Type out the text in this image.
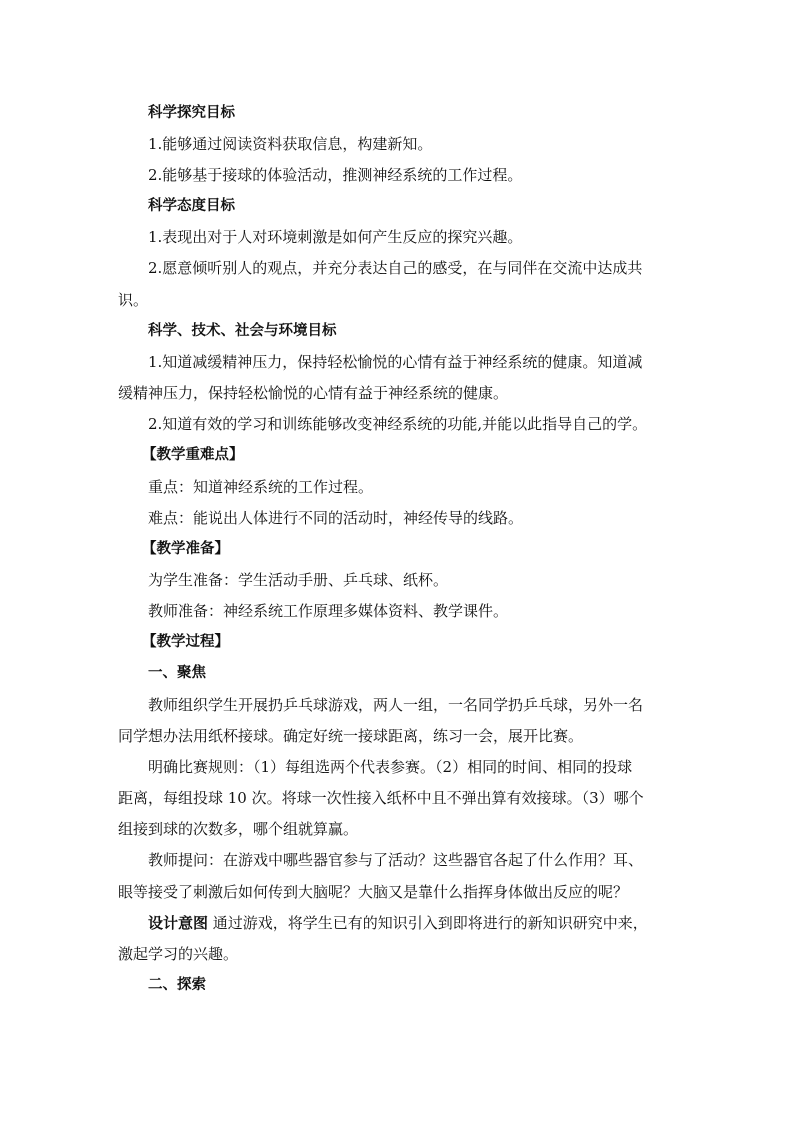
科学探究目标
1.能够通过阅读资料获取信息，构建新知。
2.能够基于接球的体验活动，推测神经系统的工作过程。
科学态度目标
1.表现出对于人对环境刺激是如何产生反应的探究兴趣。
2.愿意倾听别人的观点，并充分表达自己的感受，在与同伴在交流中达成共
识。
科学、技术、社会与环境目标
1.知道减缓精神压力，保持轻松愉悦的心情有益于神经系统的健康。知道减
缓精神压力，保持轻松愉悦的心情有益于神经系统的健康。
2.知道有效的学习和训练能够改变神经系统的功能,并能以此指导自己的学。
【教学重难点】
重点：知道神经系统的工作过程。
难点：能说出人体进行不同的活动时，神经传导的线路。
【教学准备】
为学生准备：学生活动手册、乒乓球、纸杯。
教师准备：神经系统工作原理多媒体资料、教学课件。
【教学过程】
一、聚焦
教师组织学生开展扔乒乓球游戏，两人一组，一名同学扔乒乓球，另外一名
同学想办法用纸杯接球。确定好统一接球距离，练习一会，展开比赛。
明确比赛规则：（1）每组选两个代表参赛。（2）相同的时间、相同的投球
距离，每组投球 10 次。将球一次性接入纸杯中且不弹出算有效接球。（3）哪个
组接到球的次数多，哪个组就算赢。
教师提问：在游戏中哪些器官参与了活动？这些器官各起了什么作用？耳、
眼等接受了刺激后如何传到大脑呢？大脑又是靠什么指挥身体做出反应的呢？
设计意图 通过游戏，将学生已有的知识引入到即将进行的新知识研究中来，
激起学习的兴趣。
二、探索
